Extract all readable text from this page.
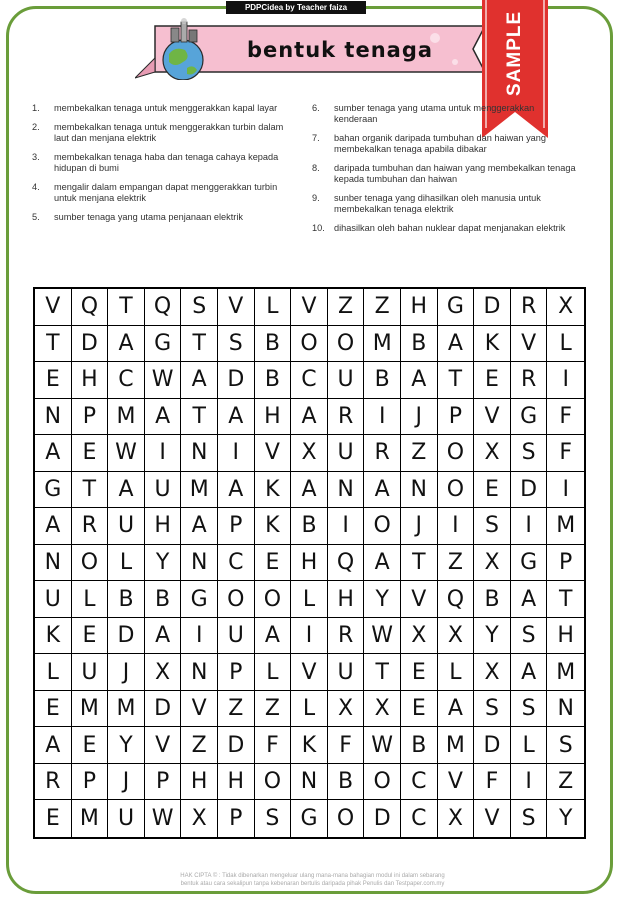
PDPCidea by Teacher faiza
bentuk tenaga	SAMPLE
1.	membekalkan tenaga untuk menggerakkan kapal layar
2.	membekalkan tenaga untuk menggerakkan turbin dalam laut dan menjana elektrik
3.	membekalkan tenaga haba dan tenaga cahaya kepada hidupan di bumi
4.	mengalir dalam empangan dapat menggerakkan turbin untuk menjana elektrik
5.	sumber tenaga yang utama penjanaan elektrik
6.	sumber tenaga yang utama untuk menggerakkan kenderaan
7.	bahan organik daripada tumbuhan dan haiwan yang membekalkan tenaga apabila dibakar
8.	daripada tumbuhan dan haiwan yang membekalkan tenaga kepada tumbuhan dan haiwan
9.	sunber tenaga yang dihasilkan oleh manusia untuk membekalkan tenaga elektrik
10.	dihasilkan oleh bahan nuklear dapat menjanakan elektrik
V Q T Q S	V	L	V Z Z H G D R X
T D A G T	S	B O O M B A K V	L
E H C W A D B C U B A	T	E	R	I
N P M A	T	A H A R	I	J	P	V G	F
A	E W	I	N	I	V X U R Z O X	S	F
G T	A U M A K A N A N O E D	I
A R U H A	P	K B	I	O	J	I	S	I	M
N O L	Y N C E H Q A	T	Z X G P
U	L	B B G O O L	H Y	V Q B A	T
K	E D A	I	U A	I	R W X X	Y	S H
L	U	J	X N P	L	V U T	E	L	X A M
E M M D V Z Z	L	X X	E	A	S	S N
A	E	Y	V Z D F	K	F W B M D L	S
R	P	J	P H H O N B O C V	F	I	Z
E M U W X	P	S G O D C X V	S	Y
HAK CIPTA © : Tidak dibenarkan mengeluar ulang mana-mana bahagian modul ini dalam sebarang
bentuk atau cara sekalipun tanpa kebenaran bertulis daripada pihak Penulis dan Testpaper.com.my
